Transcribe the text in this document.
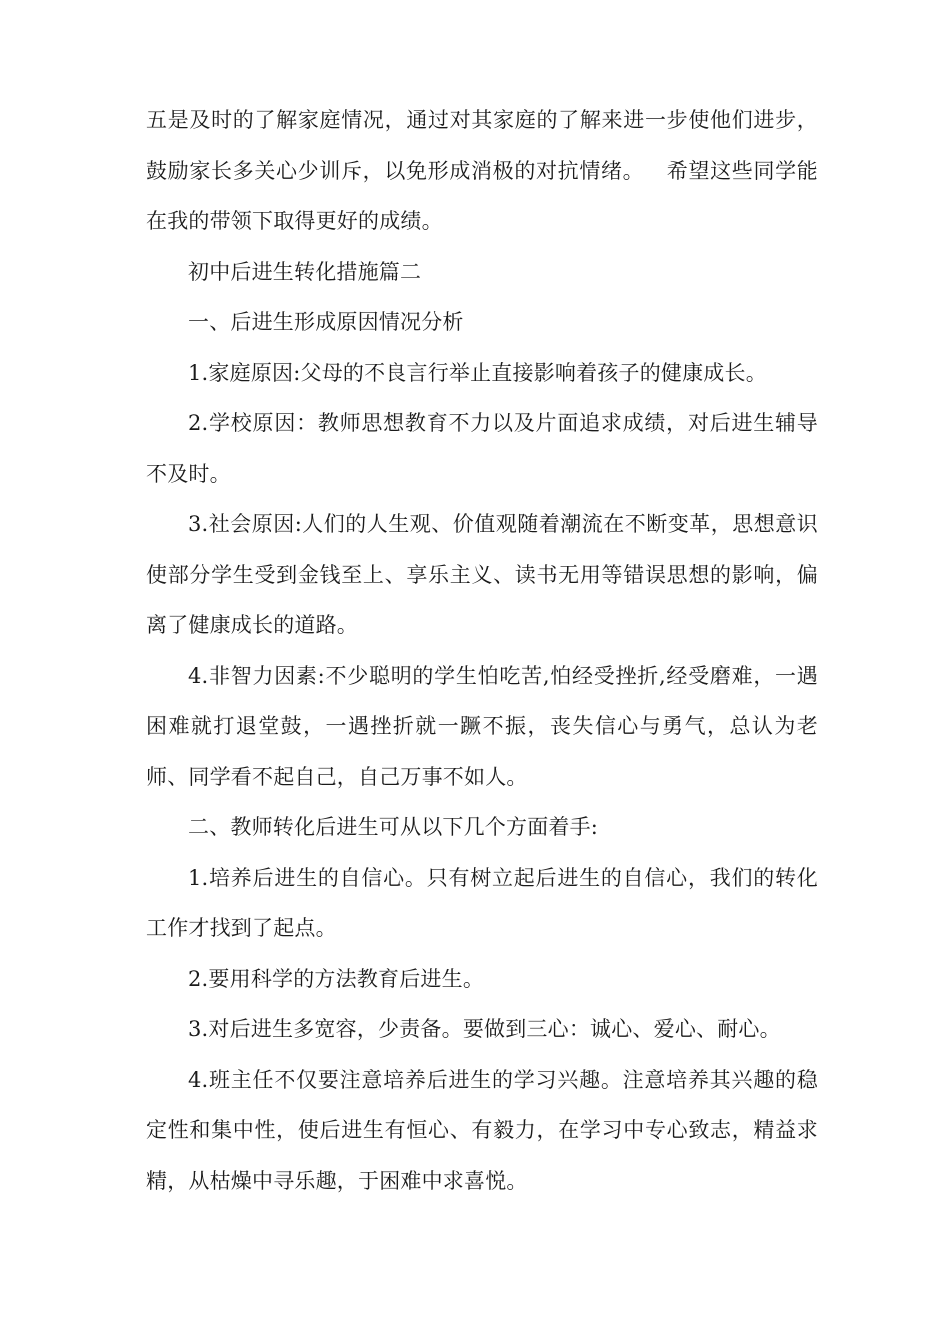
五是及时的了解家庭情况，通过对其家庭的了解来进一步使他们进步，鼓励家长多关心少训斥，以免形成消极的对抗情绪。 希望这些同学能在我的带领下取得更好的成绩。

初中后进生转化措施篇二

一、后进生形成原因情况分析

1.家庭原因:父母的不良言行举止直接影响着孩子的健康成长。

2.学校原因：教师思想教育不力以及片面追求成绩，对后进生辅导不及时。

3.社会原因:人们的人生观、价值观随着潮流在不断变革，思想意识使部分学生受到金钱至上、享乐主义、读书无用等错误思想的影响，偏离了健康成长的道路。

4.非智力因素:不少聪明的学生怕吃苦,怕经受挫折,经受磨难，一遇困难就打退堂鼓，一遇挫折就一蹶不振，丧失信心与勇气，总认为老师、同学看不起自己，自己万事不如人。

二、教师转化后进生可从以下几个方面着手:

1.培养后进生的自信心。只有树立起后进生的自信心，我们的转化工作才找到了起点。

2.要用科学的方法教育后进生。

3.对后进生多宽容，少责备。要做到三心：诚心、爱心、耐心。

4.班主任不仅要注意培养后进生的学习兴趣。注意培养其兴趣的稳定性和集中性，使后进生有恒心、有毅力，在学习中专心致志，精益求精，从枯燥中寻乐趣，于困难中求喜悦。
